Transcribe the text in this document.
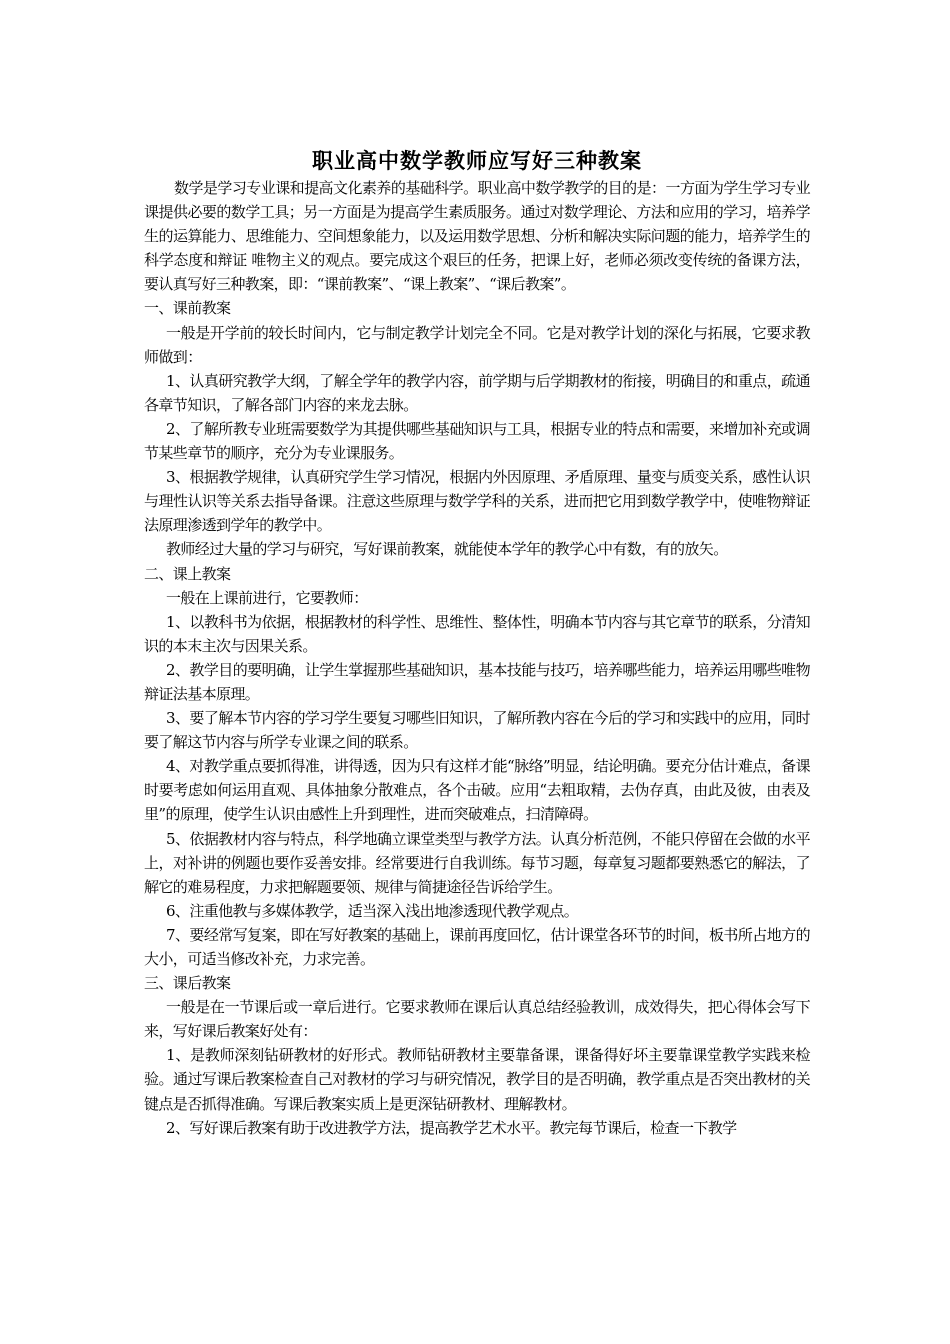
职业高中数学教师应写好三种教案

数学是学习专业课和提高文化素养的基础科学。职业高中数学教学的目的是：一方面为学生学习专业课提供必要的数学工具；另一方面是为提高学生素质服务。通过对数学理论、方法和应用的学习，培养学生的运算能力、思维能力、空间想象能力，以及运用数学思想、分析和解决实际问题的能力，培养学生的科学态度和辩证 唯物主义的观点。要完成这个艰巨的任务，把课上好，老师必须改变传统的备课方法，要认真写好三种教案，即：“课前教案”、“课上教案”、“课后教案”。

一、课前教案

一般是开学前的较长时间内，它与制定教学计划完全不同。它是对教学计划的深化与拓展，它要求教师做到：

1、认真研究教学大纲，了解全学年的教学内容，前学期与后学期教材的衔接，明确目的和重点，疏通各章节知识，了解各部门内容的来龙去脉。

2、了解所教专业班需要数学为其提供哪些基础知识与工具，根据专业的特点和需要，来增加补充或调节某些章节的顺序，充分为专业课服务。

3、根据教学规律，认真研究学生学习情况，根据内外因原理、矛盾原理、量变与质变关系，感性认识与理性认识等关系去指导备课。注意这些原理与数学学科的关系，进而把它用到数学教学中，使唯物辩证法原理渗透到学年的教学中。

教师经过大量的学习与研究，写好课前教案，就能使本学年的教学心中有数，有的放矢。

二、课上教案

一般在上课前进行，它要教师：

1、以教科书为依据，根据教材的科学性、思维性、整体性，明确本节内容与其它章节的联系，分清知识的本末主次与因果关系。

2、教学目的要明确，让学生掌握那些基础知识，基本技能与技巧，培养哪些能力，培养运用哪些唯物辩证法基本原理。

3、要了解本节内容的学习学生要复习哪些旧知识，了解所教内容在今后的学习和实践中的应用，同时要了解这节内容与所学专业课之间的联系。

4、对教学重点要抓得准，讲得透，因为只有这样才能“脉络”明显，结论明确。要充分估计难点，备课时要考虑如何运用直观、具体抽象分散难点，各个击破。应用“去粗取精，去伪存真，由此及彼，由表及里”的原理，使学生认识由感性上升到理性，进而突破难点，扫清障碍。

5、依据教材内容与特点，科学地确立课堂类型与教学方法。认真分析范例，不能只停留在会做的水平上，对补讲的例题也要作妥善安排。经常要进行自我训练。每节习题，每章复习题都要熟悉它的解法，了解它的难易程度，力求把解题要领、规律与简捷途径告诉给学生。

6、注重他教与多媒体教学，适当深入浅出地渗透现代教学观点。

7、要经常写复案，即在写好教案的基础上，课前再度回忆，估计课堂各环节的时间，板书所占地方的大小，可适当修改补充，力求完善。

三、课后教案

一般是在一节课后或一章后进行。它要求教师在课后认真总结经验教训，成效得失，把心得体会写下来，写好课后教案好处有：

1、是教师深刻钻研教材的好形式。教师钻研教材主要靠备课，课备得好坏主要靠课堂教学实践来检验。通过写课后教案检查自己对教材的学习与研究情况，教学目的是否明确，教学重点是否突出教材的关键点是否抓得准确。写课后教案实质上是更深钻研教材、理解教材。

2、写好课后教案有助于改进教学方法，提高教学艺术水平。教完每节课后，检查一下教学
